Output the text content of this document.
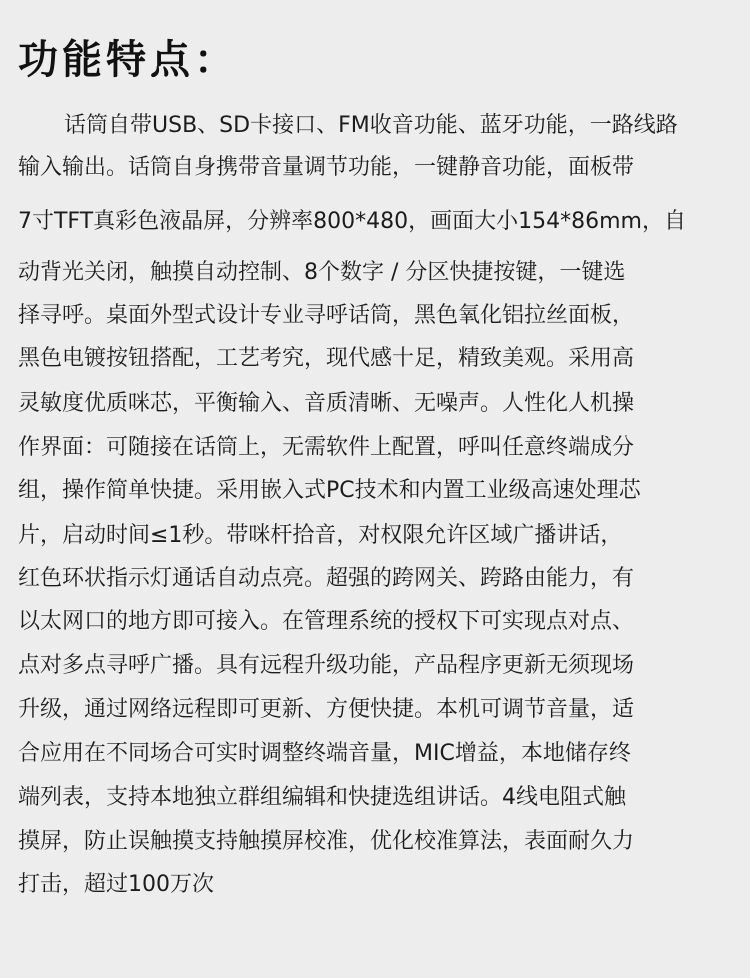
功能特点：
话筒自带USB、SD卡接口、FM收音功能、蓝牙功能，一路线路
输入输出。话筒自身携带音量调节功能，一键静音功能，面板带
7寸TFT真彩色液晶屏，分辨率800*480，画面大小154*86mm，自
动背光关闭，触摸自动控制、8个数字 / 分区快捷按键，一键选
择寻呼。桌面外型式设计专业寻呼话筒，黑色氧化铝拉丝面板，
黑色电镀按钮搭配，工艺考究，现代感十足，精致美观。采用高
灵敏度优质咪芯，平衡输入、音质清晰、无噪声。人性化人机操
作界面：可随接在话筒上，无需软件上配置，呼叫任意终端成分
组，操作简单快捷。采用嵌入式PC技术和内置工业级高速处理芯
片，启动时间≤1秒。带咪杆拾音，对权限允许区域广播讲话，
红色环状指示灯通话自动点亮。超强的跨网关、跨路由能力，有
以太网口的地方即可接入。在管理系统的授权下可实现点对点、
点对多点寻呼广播。具有远程升级功能，产品程序更新无须现场
升级，通过网络远程即可更新、方便快捷。本机可调节音量，适
合应用在不同场合可实时调整终端音量，MIC增益，本地储存终
端列表，支持本地独立群组编辑和快捷选组讲话。4线电阻式触
摸屏，防止误触摸支持触摸屏校准，优化校准算法，表面耐久力
打击，超过100万次
